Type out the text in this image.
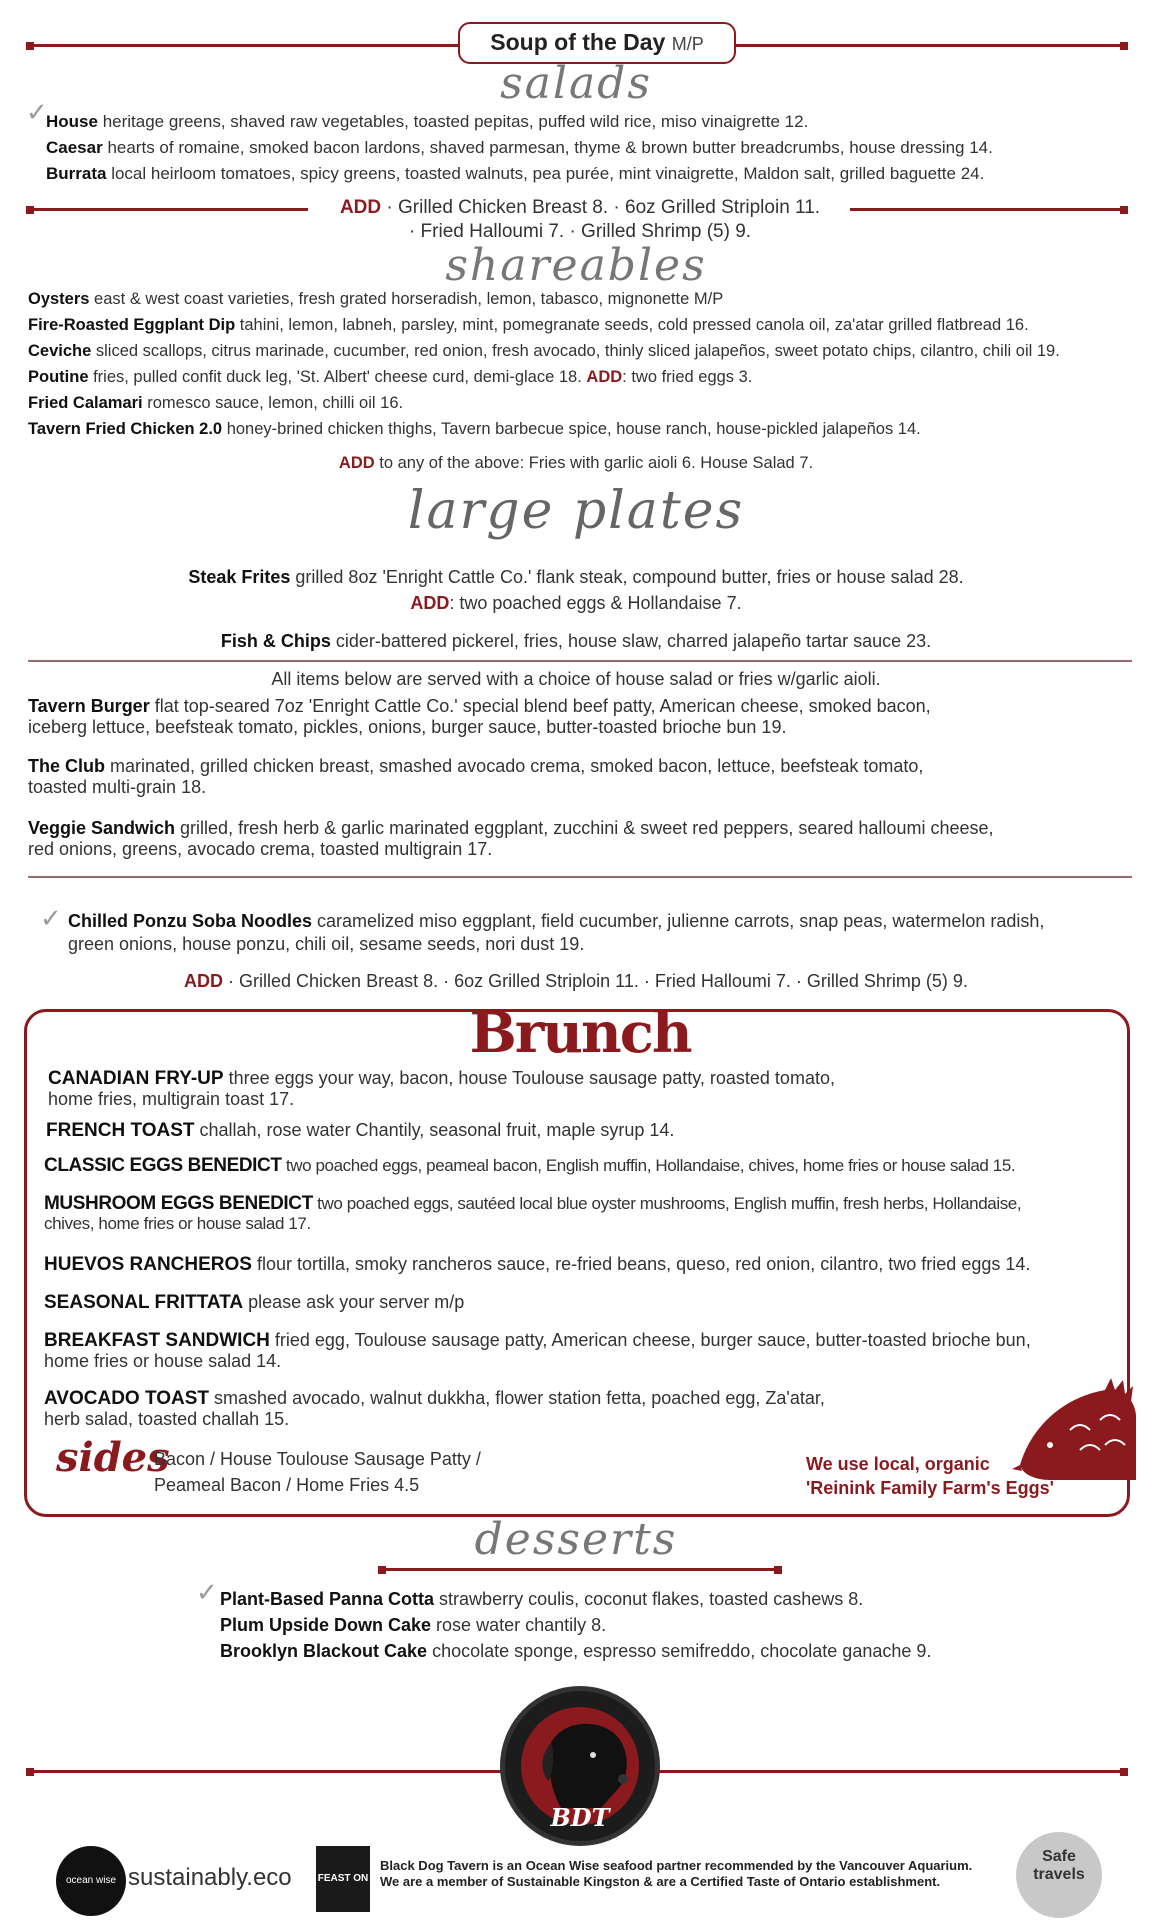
Soup of the Day M/P
salads
✓
House heritage greens, shaved raw vegetables, toasted pepitas, puffed wild rice, miso vinaigrette 12.
Caesar hearts of romaine, smoked bacon lardons, shaved parmesan, thyme & brown butter breadcrumbs, house dressing 14.
Burrata local heirloom tomatoes, spicy greens, toasted walnuts, pea purée, mint vinaigrette, Maldon salt, grilled baguette 24.
ADD · Grilled Chicken Breast 8. · 6oz Grilled Striploin 11.
· Fried Halloumi 7. · Grilled Shrimp (5) 9.
shareables
Oysters east & west coast varieties, fresh grated horseradish, lemon, tabasco, mignonette M/P
Fire-Roasted Eggplant Dip tahini, lemon, labneh, parsley, mint, pomegranate seeds, cold pressed canola oil, za'atar grilled flatbread 16.
Ceviche sliced scallops, citrus marinade, cucumber, red onion, fresh avocado, thinly sliced jalapeños, sweet potato chips, cilantro, chili oil 19.
Poutine fries, pulled confit duck leg, 'St. Albert' cheese curd, demi-glace 18. ADD: two fried eggs 3.
Fried Calamari romesco sauce, lemon, chilli oil 16.
Tavern Fried Chicken 2.0 honey-brined chicken thighs, Tavern barbecue spice, house ranch, house-pickled jalapeños 14.
ADD to any of the above: Fries with garlic aioli 6. House Salad 7.
large plates
Steak Frites grilled 8oz 'Enright Cattle Co.' flank steak, compound butter, fries or house salad 28.
ADD: two poached eggs & Hollandaise 7.
Fish & Chips cider-battered pickerel, fries, house slaw, charred jalapeño tartar sauce 23.
All items below are served with a choice of house salad or fries w/garlic aioli.
Tavern Burger flat top-seared 7oz 'Enright Cattle Co.' special blend beef patty, American cheese, smoked bacon,
iceberg lettuce, beefsteak tomato, pickles, onions, burger sauce, butter-toasted brioche bun 19.
The Club marinated, grilled chicken breast, smashed avocado crema, smoked bacon, lettuce, beefsteak tomato,
toasted multi-grain 18.
Veggie Sandwich grilled, fresh herb & garlic marinated eggplant, zucchini & sweet red peppers, seared halloumi cheese,
red onions, greens, avocado crema, toasted multigrain 17.
✓ Chilled Ponzu Soba Noodles caramelized miso eggplant, field cucumber, julienne carrots, snap peas, watermelon radish,
green onions, house ponzu, chili oil, sesame seeds, nori dust 19.
ADD · Grilled Chicken Breast 8. · 6oz Grilled Striploin 11. · Fried Halloumi 7. · Grilled Shrimp (5) 9.
Brunch
CANADIAN FRY-UP three eggs your way, bacon, house Toulouse sausage patty, roasted tomato,
home fries, multigrain toast 17.
FRENCH TOAST challah, rose water Chantily, seasonal fruit, maple syrup 14.
CLASSIC EGGS BENEDICT two poached eggs, peameal bacon, English muffin, Hollandaise, chives, home fries or house salad 15.
MUSHROOM EGGS BENEDICT two poached eggs, sautéed local blue oyster mushrooms, English muffin, fresh herbs, Hollandaise,
chives, home fries or house salad 17.
HUEVOS RANCHEROS flour tortilla, smoky rancheros sauce, re-fried beans, queso, red onion, cilantro, two fried eggs 14.
SEASONAL FRITTATA please ask your server m/p
BREAKFAST SANDWICH fried egg, Toulouse sausage patty, American cheese, burger sauce, butter-toasted brioche bun,
home fries or house salad 14.
AVOCADO TOAST smashed avocado, walnut dukkha, flower station fetta, poached egg, Za'atar,
herb salad, toasted challah 15.
sides
Bacon / House Toulouse Sausage Patty /
Peameal Bacon / Home Fries 4.5
We use local, organic
'Reinink Family Farm's Eggs'
desserts
✓ Plant-Based Panna Cotta strawberry coulis, coconut flakes, toasted cashews 8.
Plum Upside Down Cake rose water chantily 8.
Brooklyn Blackout Cake chocolate sponge, espresso semifreddo, chocolate ganache 9.
BDT
ocean wise sustainably.eco	FEAST ON
Black Dog Tavern is an Ocean Wise seafood partner recommended by the Vancouver Aquarium.
We are a member of Sustainable Kingston & are a Certified Taste of Ontario establishment.
Safe travels
